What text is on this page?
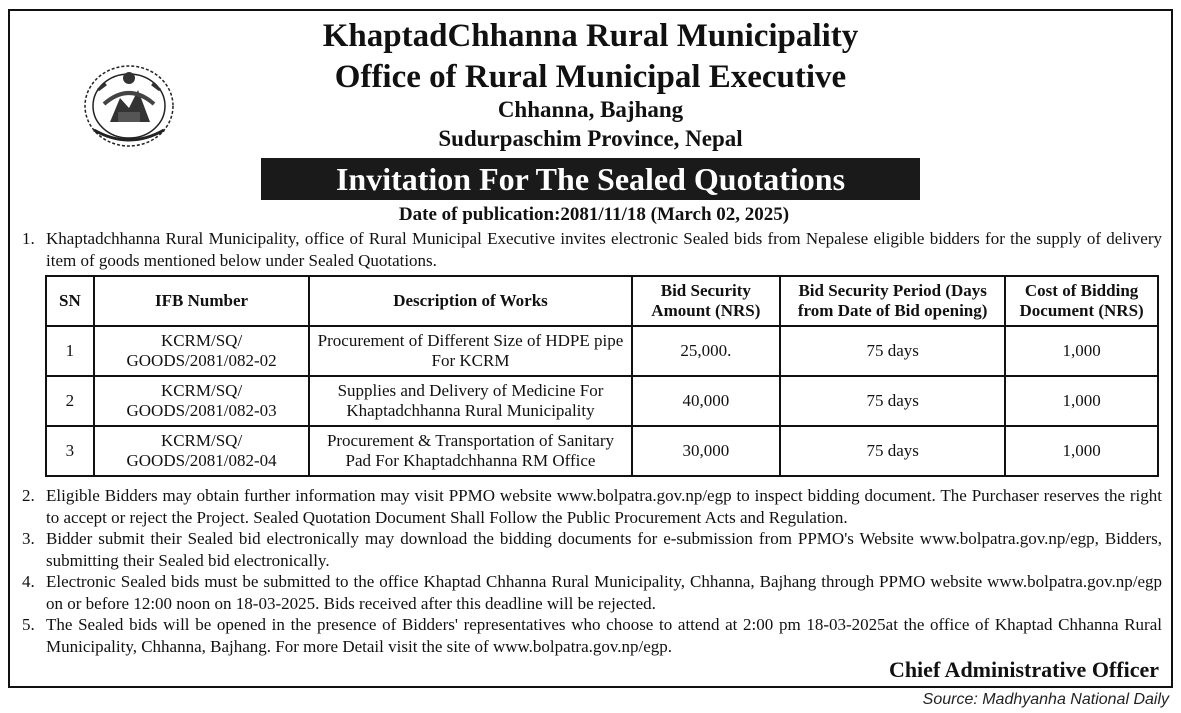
KhaptadChhanna Rural Municipality
Office of Rural Municipal Executive
Chhanna, Bajhang
Sudurpaschim Province, Nepal
Invitation For The Sealed Quotations
Date of publication:2081/11/18 (March 02, 2025)
1. Khaptadchhanna Rural Municipality, office of Rural Municipal Executive invites electronic Sealed bids from Nepalese eligible bidders for the supply of delivery item of goods mentioned below under Sealed Quotations.
SN	IFB Number	Description of Works	Bid Security Amount (NRS)	Bid Security Period (Days from Date of Bid opening)	Cost of Bidding Document (NRS)
1	KCRM/SQ/ GOODS/2081/082-02	Procurement of Different Size of HDPE pipe For KCRM	25,000.	75 days	1,000
2	KCRM/SQ/ GOODS/2081/082-03	Supplies and Delivery of Medicine For Khaptadchhanna Rural Municipality	40,000	75 days	1,000
3	KCRM/SQ/ GOODS/2081/082-04	Procurement & Transportation of Sanitary Pad For Khaptadchhanna RM Office	30,000	75 days	1,000
2. Eligible Bidders may obtain further information may visit PPMO website www.bolpatra.gov.np/egp to inspect bidding document. The Purchaser reserves the right to accept or reject the Project. Sealed Quotation Document Shall Follow the Public Procurement Acts and Regulation.
3. Bidder submit their Sealed bid electronically may download the bidding documents for e-submission from PPMO's Website www.bolpatra.gov.np/egp, Bidders, submitting their Sealed bid electronically.
4. Electronic Sealed bids must be submitted to the office Khaptad Chhanna Rural Municipality, Chhanna, Bajhang through PPMO website www.bolpatra.gov.np/egp on or before 12:00 noon on 18-03-2025. Bids received after this deadline will be rejected.
5. The Sealed bids will be opened in the presence of Bidders' representatives who choose to attend at 2:00 pm 18-03-2025at the office of Khaptad Chhanna Rural Municipality, Chhanna, Bajhang. For more Detail visit the site of www.bolpatra.gov.np/egp.
Chief Administrative Officer
Source: Madhyanha National Daily
